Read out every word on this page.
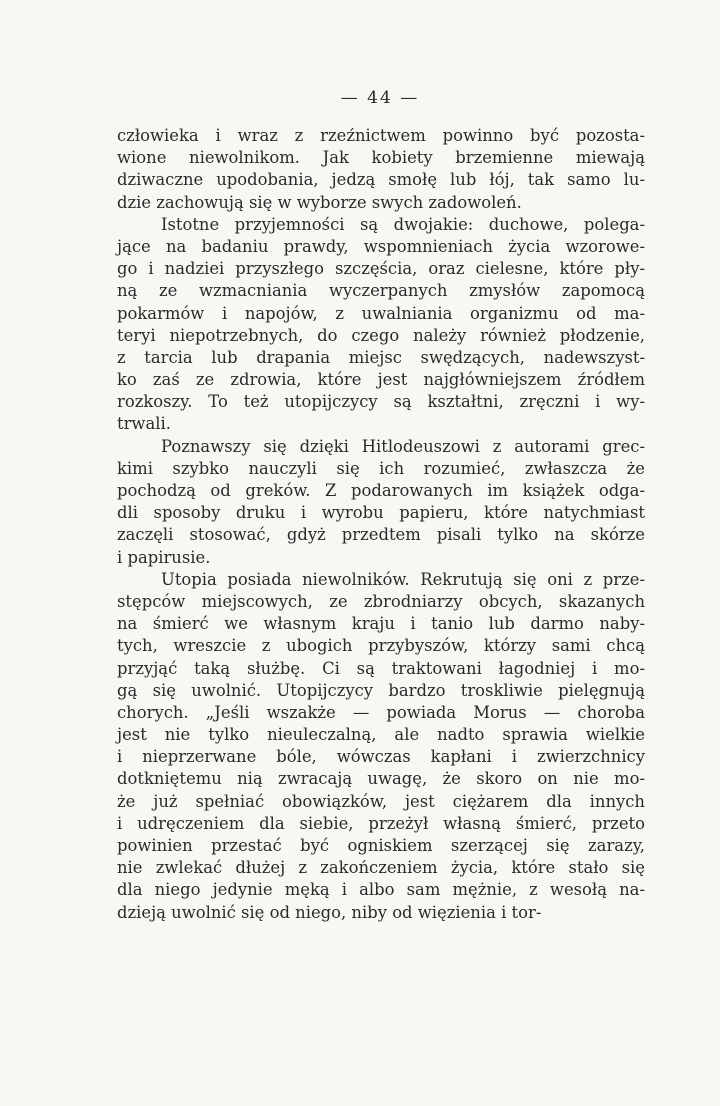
— 44 —
człowieka i wraz z rzeźnictwem powinno być pozosta-
wione niewolnikom. Jak kobiety brzemienne miewają
dziwaczne upodobania, jedzą smołę lub łój, tak samo lu-
dzie zachowują się w wyborze swych zadowoleń.
Istotne przyjemności są dwojakie: duchowe, polega-
jące na badaniu prawdy, wspomnieniach życia wzorowe-
go i nadziei przyszłego szczęścia, oraz cielesne, które pły-
ną ze wzmacniania wyczerpanych zmysłów zapomocą
pokarmów i napojów, z uwalniania organizmu od ma-
teryi niepotrzebnych, do czego należy również płodzenie,
z tarcia lub drapania miejsc swędzących, nadewszyst-
ko zaś ze zdrowia, które jest najgłówniejszem źródłem
rozkoszy. To też utopijczycy są kształtni, zręczni i wy-
trwali.
Poznawszy się dzięki Hitlodeuszowi z autorami grec-
kimi szybko nauczyli się ich rozumieć, zwłaszcza że
pochodzą od greków. Z podarowanych im książek odga-
dli sposoby druku i wyrobu papieru, które natychmiast
zaczęli stosować, gdyż przedtem pisali tylko na skórze
i papirusie.
Utopia posiada niewolników. Rekrutują się oni z prze-
stępców miejscowych, ze zbrodniarzy obcych, skazanych
na śmierć we własnym kraju i tanio lub darmo naby-
tych, wreszcie z ubogich przybyszów, którzy sami chcą
przyjąć taką służbę. Ci są traktowani łagodniej i mo-
gą się uwolnić. Utopijczycy bardzo troskliwie pielęgnują
chorych. „Jeśli wszakże — powiada Morus — choroba
jest nie tylko nieuleczalną, ale nadto sprawia wielkie
i nieprzerwane bóle, wówczas kapłani i zwierzchnicy
dotkniętemu nią zwracają uwagę, że skoro on nie mo-
że już spełniać obowiązków, jest ciężarem dla innych
i udręczeniem dla siebie, przeżył własną śmierć, przeto
powinien przestać być ogniskiem szerzącej się zarazy,
nie zwlekać dłużej z zakończeniem życia, które stało się
dla niego jedynie męką i albo sam mężnie, z wesołą na-
dzieją uwolnić się od niego, niby od więzienia i tor-
